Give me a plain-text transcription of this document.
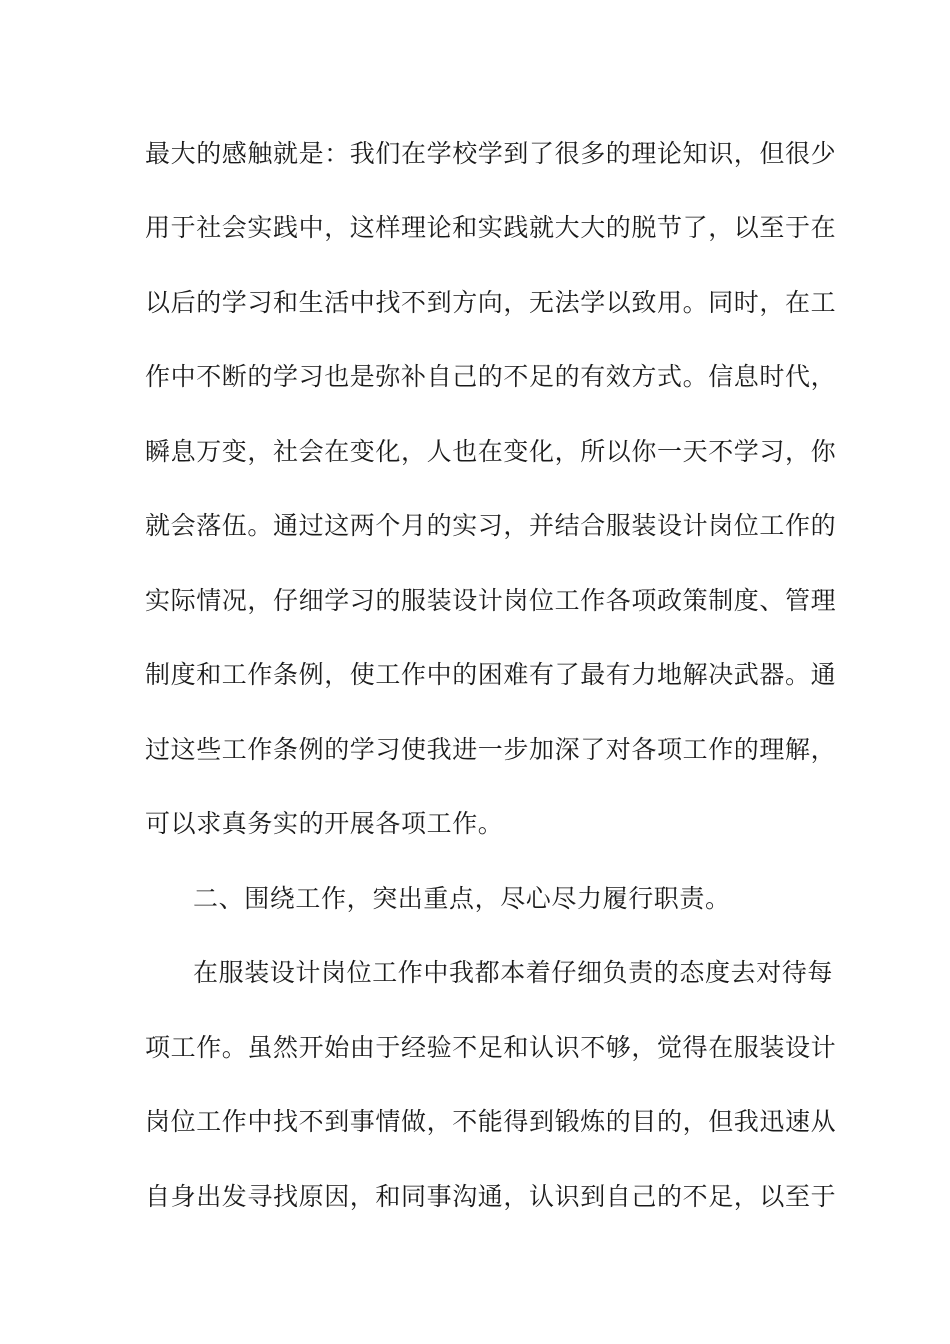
最大的感触就是：我们在学校学到了很多的理论知识，但很少
用于社会实践中，这样理论和实践就大大的脱节了，以至于在
以后的学习和生活中找不到方向，无法学以致用。同时，在工
作中不断的学习也是弥补自己的不足的有效方式。信息时代，
瞬息万变，社会在变化，人也在变化，所以你一天不学习，你
就会落伍。通过这两个月的实习，并结合服装设计岗位工作的
实际情况，仔细学习的服装设计岗位工作各项政策制度、管理
制度和工作条例，使工作中的困难有了最有力地解决武器。通
过这些工作条例的学习使我进一步加深了对各项工作的理解，
可以求真务实的开展各项工作。
二、围绕工作，突出重点，尽心尽力履行职责。
在服装设计岗位工作中我都本着仔细负责的态度去对待每
项工作。虽然开始由于经验不足和认识不够，觉得在服装设计
岗位工作中找不到事情做，不能得到锻炼的目的，但我迅速从
自身出发寻找原因，和同事沟通，认识到自己的不足，以至于
